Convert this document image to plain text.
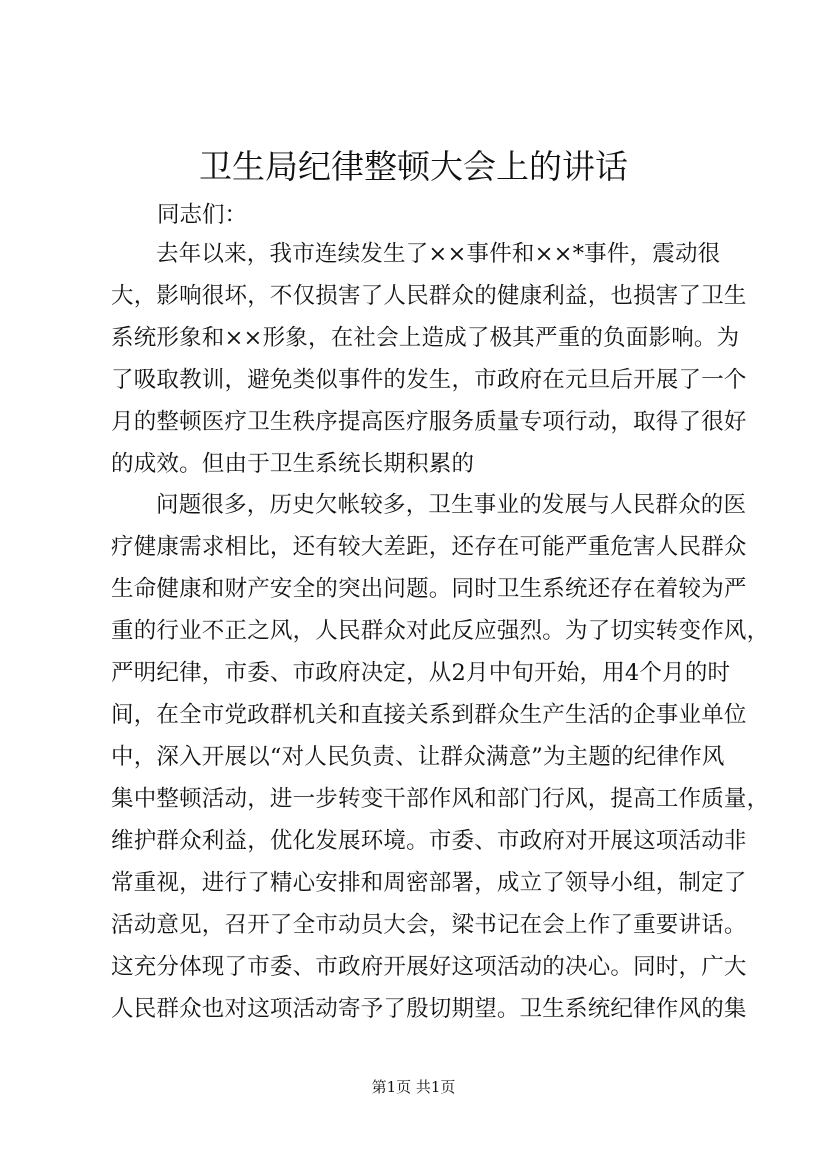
卫生局纪律整顿大会上的讲话
同志们：
去年以来，我市连续发生了××事件和××*事件，震动很
大，影响很坏，不仅损害了人民群众的健康利益，也损害了卫生
系统形象和××形象，在社会上造成了极其严重的负面影响。为
了吸取教训，避免类似事件的发生，市政府在元旦后开展了一个
月的整顿医疗卫生秩序提高医疗服务质量专项行动，取得了很好
的成效。但由于卫生系统长期积累的
问题很多，历史欠帐较多，卫生事业的发展与人民群众的医
疗健康需求相比，还有较大差距，还存在可能严重危害人民群众
生命健康和财产安全的突出问题。同时卫生系统还存在着较为严
重的行业不正之风，人民群众对此反应强烈。为了切实转变作风，
严明纪律，市委、市政府决定，从2月中旬开始，用4个月的时
间，在全市党政群机关和直接关系到群众生产生活的企事业单位
中，深入开展以“对人民负责、让群众满意”为主题的纪律作风
集中整顿活动，进一步转变干部作风和部门行风，提高工作质量，
维护群众利益，优化发展环境。市委、市政府对开展这项活动非
常重视，进行了精心安排和周密部署，成立了领导小组，制定了
活动意见，召开了全市动员大会，梁书记在会上作了重要讲话。
这充分体现了市委、市政府开展好这项活动的决心。同时，广大
人民群众也对这项活动寄予了殷切期望。卫生系统纪律作风的集
第1页 共1页
